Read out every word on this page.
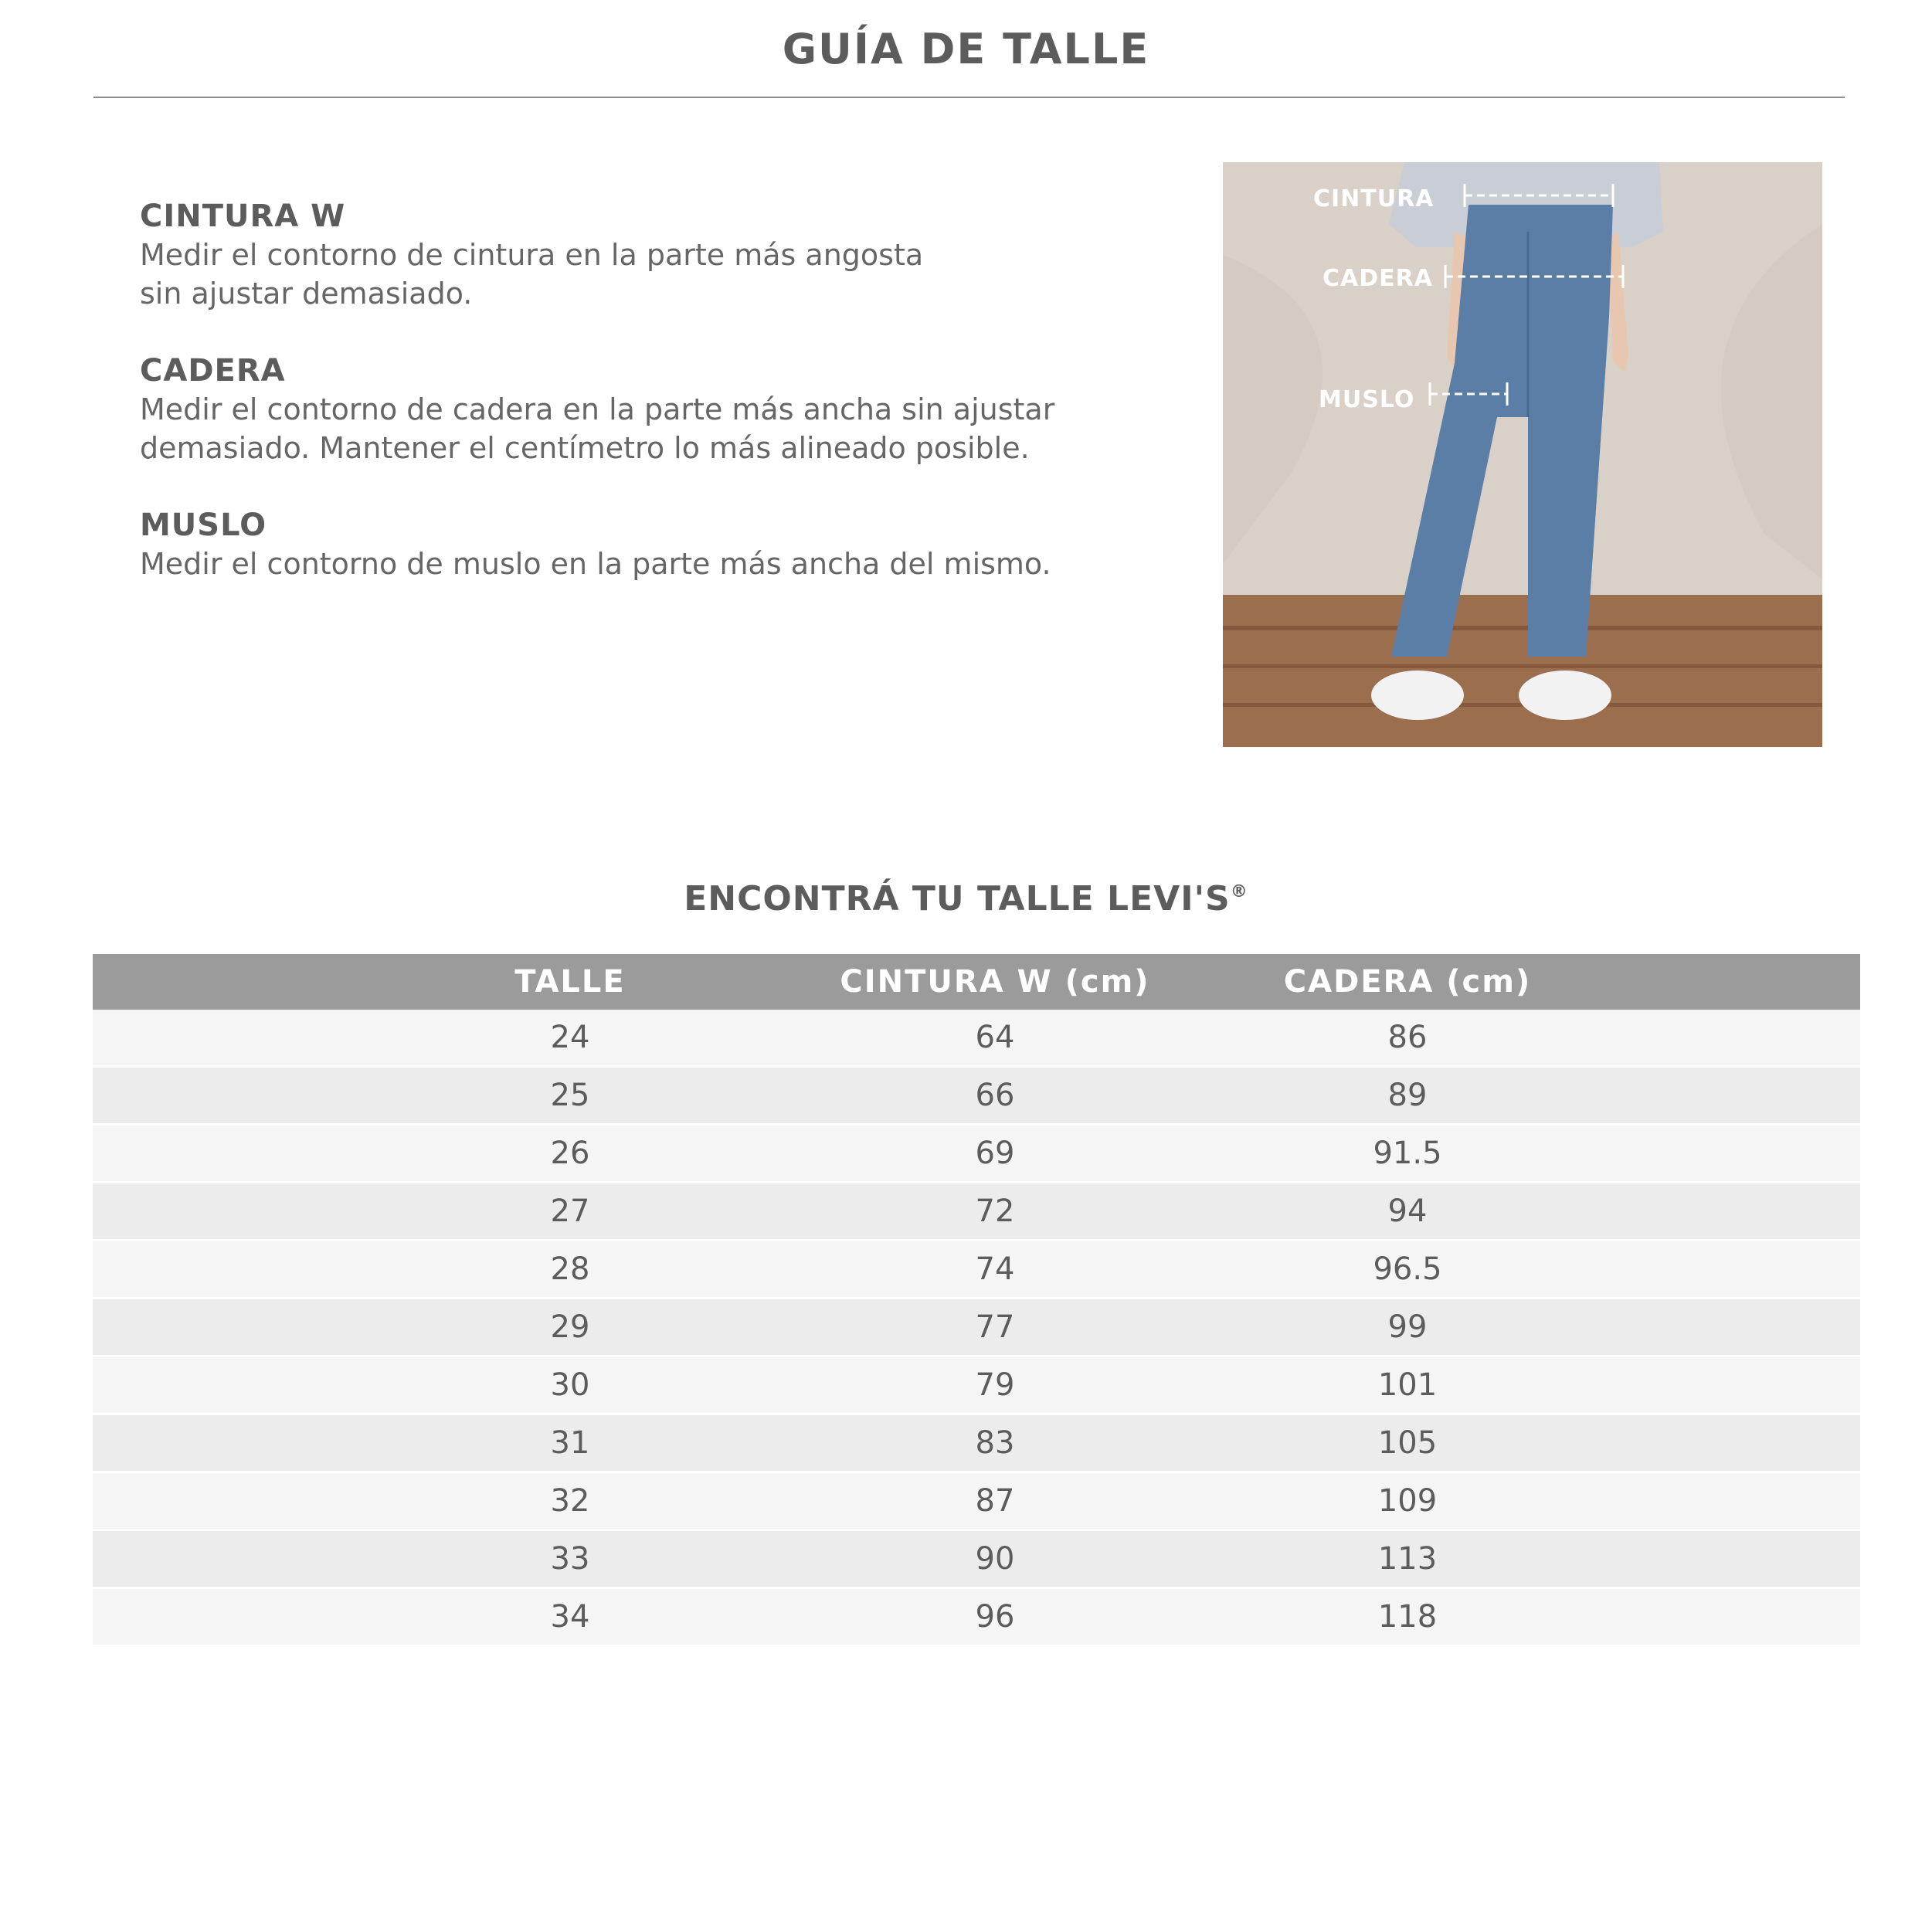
GUÍA DE TALLE
CINTURA W
Medir el contorno de cintura en la parte más angosta
sin ajustar demasiado.
CADERA
Medir el contorno de cadera en la parte más ancha sin ajustar
demasiado. Mantener el centímetro lo más alineado posible.
MUSLO
Medir el contorno de muslo en la parte más ancha del mismo.
CINTURA
CADERA
MUSLO
ENCONTRÁ TU TALLE LEVI'S®
TALLE	CINTURA W (cm)	CADERA (cm)
24	64	86
25	66	89
26	69	91.5
27	72	94
28	74	96.5
29	77	99
30	79	101
31	83	105
32	87	109
33	90	113
34	96	118
